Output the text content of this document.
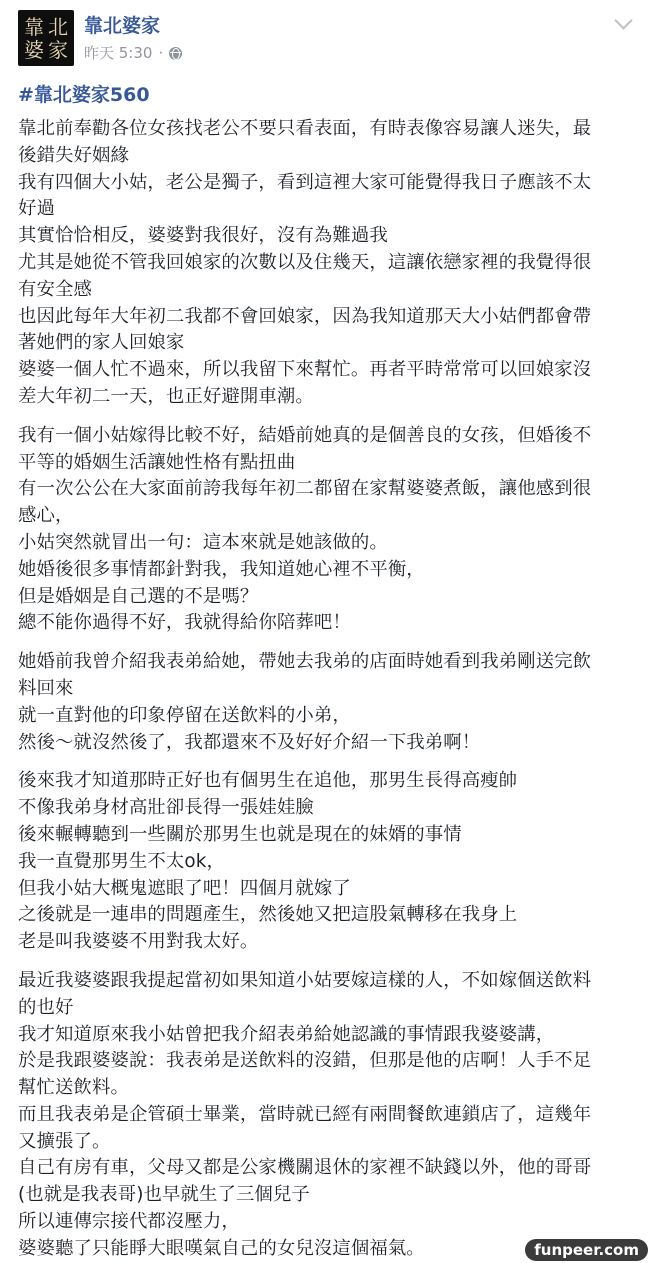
靠 北
婆 家
靠北婆家
昨天 5:30 ·
#靠北婆家560
靠北前奉勸各位女孩找老公不要只看表面，有時表像容易讓人迷失，最
後錯失好姻緣
我有四個大小姑，老公是獨子，看到這裡大家可能覺得我日子應該不太
好過
其實恰恰相反，婆婆對我很好，沒有為難過我
尤其是她從不管我回娘家的次數以及住幾天，這讓依戀家裡的我覺得很
有安全感
也因此每年大年初二我都不會回娘家，因為我知道那天大小姑們都會帶
著她們的家人回娘家
婆婆一個人忙不過來，所以我留下來幫忙。再者平時常常可以回娘家沒
差大年初二一天，也正好避開車潮。
我有一個小姑嫁得比較不好，結婚前她真的是個善良的女孩，但婚後不
平等的婚姻生活讓她性格有點扭曲
有一次公公在大家面前誇我每年初二都留在家幫婆婆煮飯，讓他感到很
感心，
小姑突然就冒出一句：這本來就是她該做的。
她婚後很多事情都針對我，我知道她心裡不平衡，
但是婚姻是自己選的不是嗎？
總不能你過得不好，我就得給你陪葬吧！
她婚前我曾介紹我表弟給她，帶她去我弟的店面時她看到我弟剛送完飲
料回來
就一直對他的印象停留在送飲料的小弟，
然後～就沒然後了，我都還來不及好好介紹一下我弟啊！
後來我才知道那時正好也有個男生在追他，那男生長得高瘦帥
不像我弟身材高壯卻長得一張娃娃臉
後來輾轉聽到一些關於那男生也就是現在的妹婿的事情
我一直覺那男生不太ok，
但我小姑大概鬼遮眼了吧！四個月就嫁了
之後就是一連串的問題產生，然後她又把這股氣轉移在我身上
老是叫我婆婆不用對我太好。
最近我婆婆跟我提起當初如果知道小姑要嫁這樣的人，不如嫁個送飲料
的也好
我才知道原來我小姑曾把我介紹表弟給她認識的事情跟我婆婆講，
於是我跟婆婆說：我表弟是送飲料的沒錯，但那是他的店啊！人手不足
幫忙送飲料。
而且我表弟是企管碩士畢業，當時就已經有兩間餐飲連鎖店了，這幾年
又擴張了。
自己有房有車，父母又都是公家機關退休的家裡不缺錢以外，他的哥哥
(也就是我表哥)也早就生了三個兒子
所以連傳宗接代都沒壓力，
婆婆聽了只能睜大眼嘆氣自己的女兒沒這個福氣。	funpeer.com
